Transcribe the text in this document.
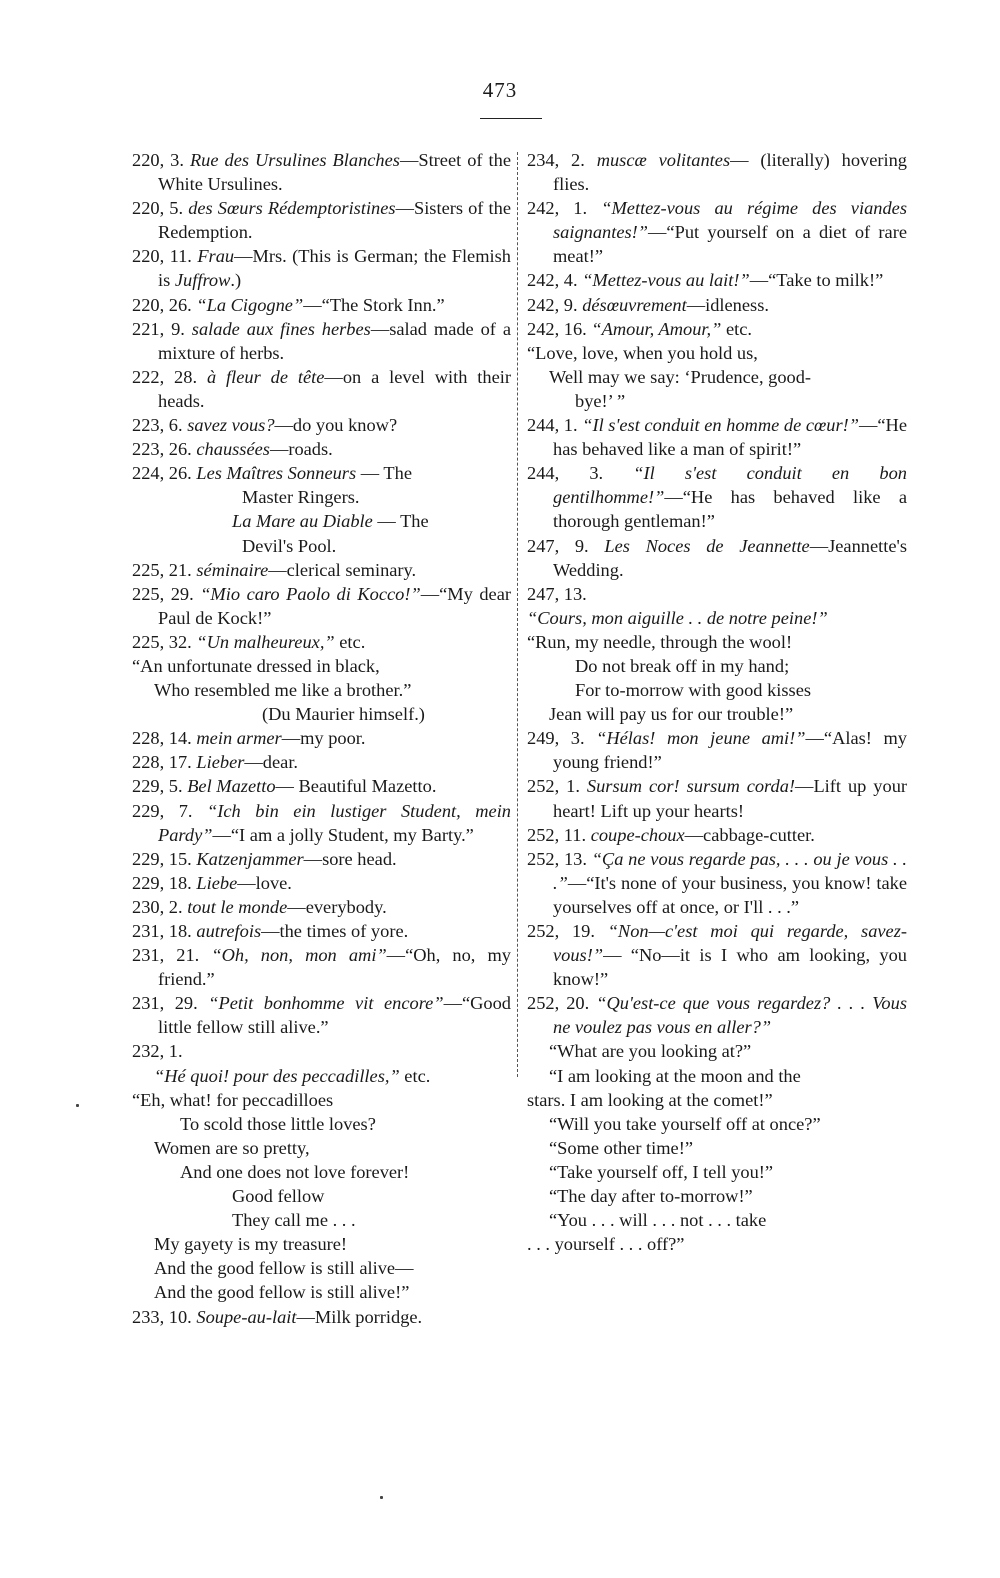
473

220, 3. Rue des Ursulines Blanches—Street of the White Ursulines.

220, 5. des Sœurs Rédemptoristines—Sisters of the Redemption.

220, 11. Frau—Mrs. (This is German; the Flemish is Juffrow.)

220, 26. “La Cigogne”—“The Stork Inn.”

221, 9. salade aux fines herbes—salad made of a mixture of herbs.

222, 28. à fleur de tête—on a level with their heads.

223, 6. savez vous?—do you know?

223, 26. chaussées—roads.

224, 26. Les Maîtres Sonneurs — The

Master Ringers.

La Mare au Diable — The

Devil's Pool.

225, 21. séminaire—clerical seminary.

225, 29. “Mio caro Paolo di Kocco!”—“My dear Paul de Kock!”

225, 32. “Un malheureux,” etc.

“An unfortunate dressed in black,

Who resembled me like a brother.”

(Du Maurier himself.)

228, 14. mein armer—my poor.

228, 17. Lieber—dear.

229, 5. Bel Mazetto— Beautiful Mazetto.

229, 7. “Ich bin ein lustiger Student, mein Pardy”—“I am a jolly Student, my Barty.”

229, 15. Katzenjammer—sore head.

229, 18. Liebe—love.

230, 2. tout le monde—everybody.

231, 18. autrefois—the times of yore.

231, 21. “Oh, non, mon ami”—“Oh, no, my friend.”

231, 29. “Petit bonhomme vit encore”—“Good little fellow still alive.”

232, 1.

“Hé quoi! pour des peccadilles,” etc.

“Eh, what! for peccadilloes

To scold those little loves?

Women are so pretty,

And one does not love forever!

Good fellow

They call me . . .

My gayety is my treasure!

And the good fellow is still alive—

And the good fellow is still alive!”

233, 10. Soupe-au-lait—Milk porridge.

234, 2. muscæ volitantes— (literally) hovering flies.

242, 1. “Mettez-vous au régime des viandes saignantes!”—“Put yourself on a diet of rare meat!”

242, 4. “Mettez-vous au lait!”—“Take to milk!”

242, 9. désœuvrement—idleness.

242, 16. “Amour, Amour,” etc.

“Love, love, when you hold us,

Well may we say: ‘Prudence, good-

bye!’ ”

244, 1. “Il s'est conduit en homme de cœur!”—“He has behaved like a man of spirit!”

244, 3. “Il s'est conduit en bon gentilhomme!”—“He has behaved like a thorough gentleman!”

247, 9. Les Noces de Jeannette—Jeannette's Wedding.

247, 13.

“Cours, mon aiguille . . de notre peine!”

“Run, my needle, through the wool!

Do not break off in my hand;

For to-morrow with good kisses

Jean will pay us for our trouble!”

249, 3. “Hélas! mon jeune ami!”—“Alas! my young friend!”

252, 1. Sursum cor! sursum corda!—Lift up your heart! Lift up your hearts!

252, 11. coupe-choux—cabbage-cutter.

252, 13. “Ça ne vous regarde pas, . . . ou je vous . . .”—“It's none of your business, you know! take yourselves off at once, or I'll . . .”

252, 19. “Non—c'est moi qui regarde, savez-vous!”— “No—it is I who am looking, you know!”

252, 20. “Qu'est-ce que vous regardez? . . . Vous ne voulez pas vous en aller?”

“What are you looking at?”

“I am looking at the moon and the

stars. I am looking at the comet!”

“Will you take yourself off at once?”

“Some other time!”

“Take yourself off, I tell you!”

“The day after to-morrow!”

“You . . . will . . . not . . . take

. . . yourself . . . off?”
